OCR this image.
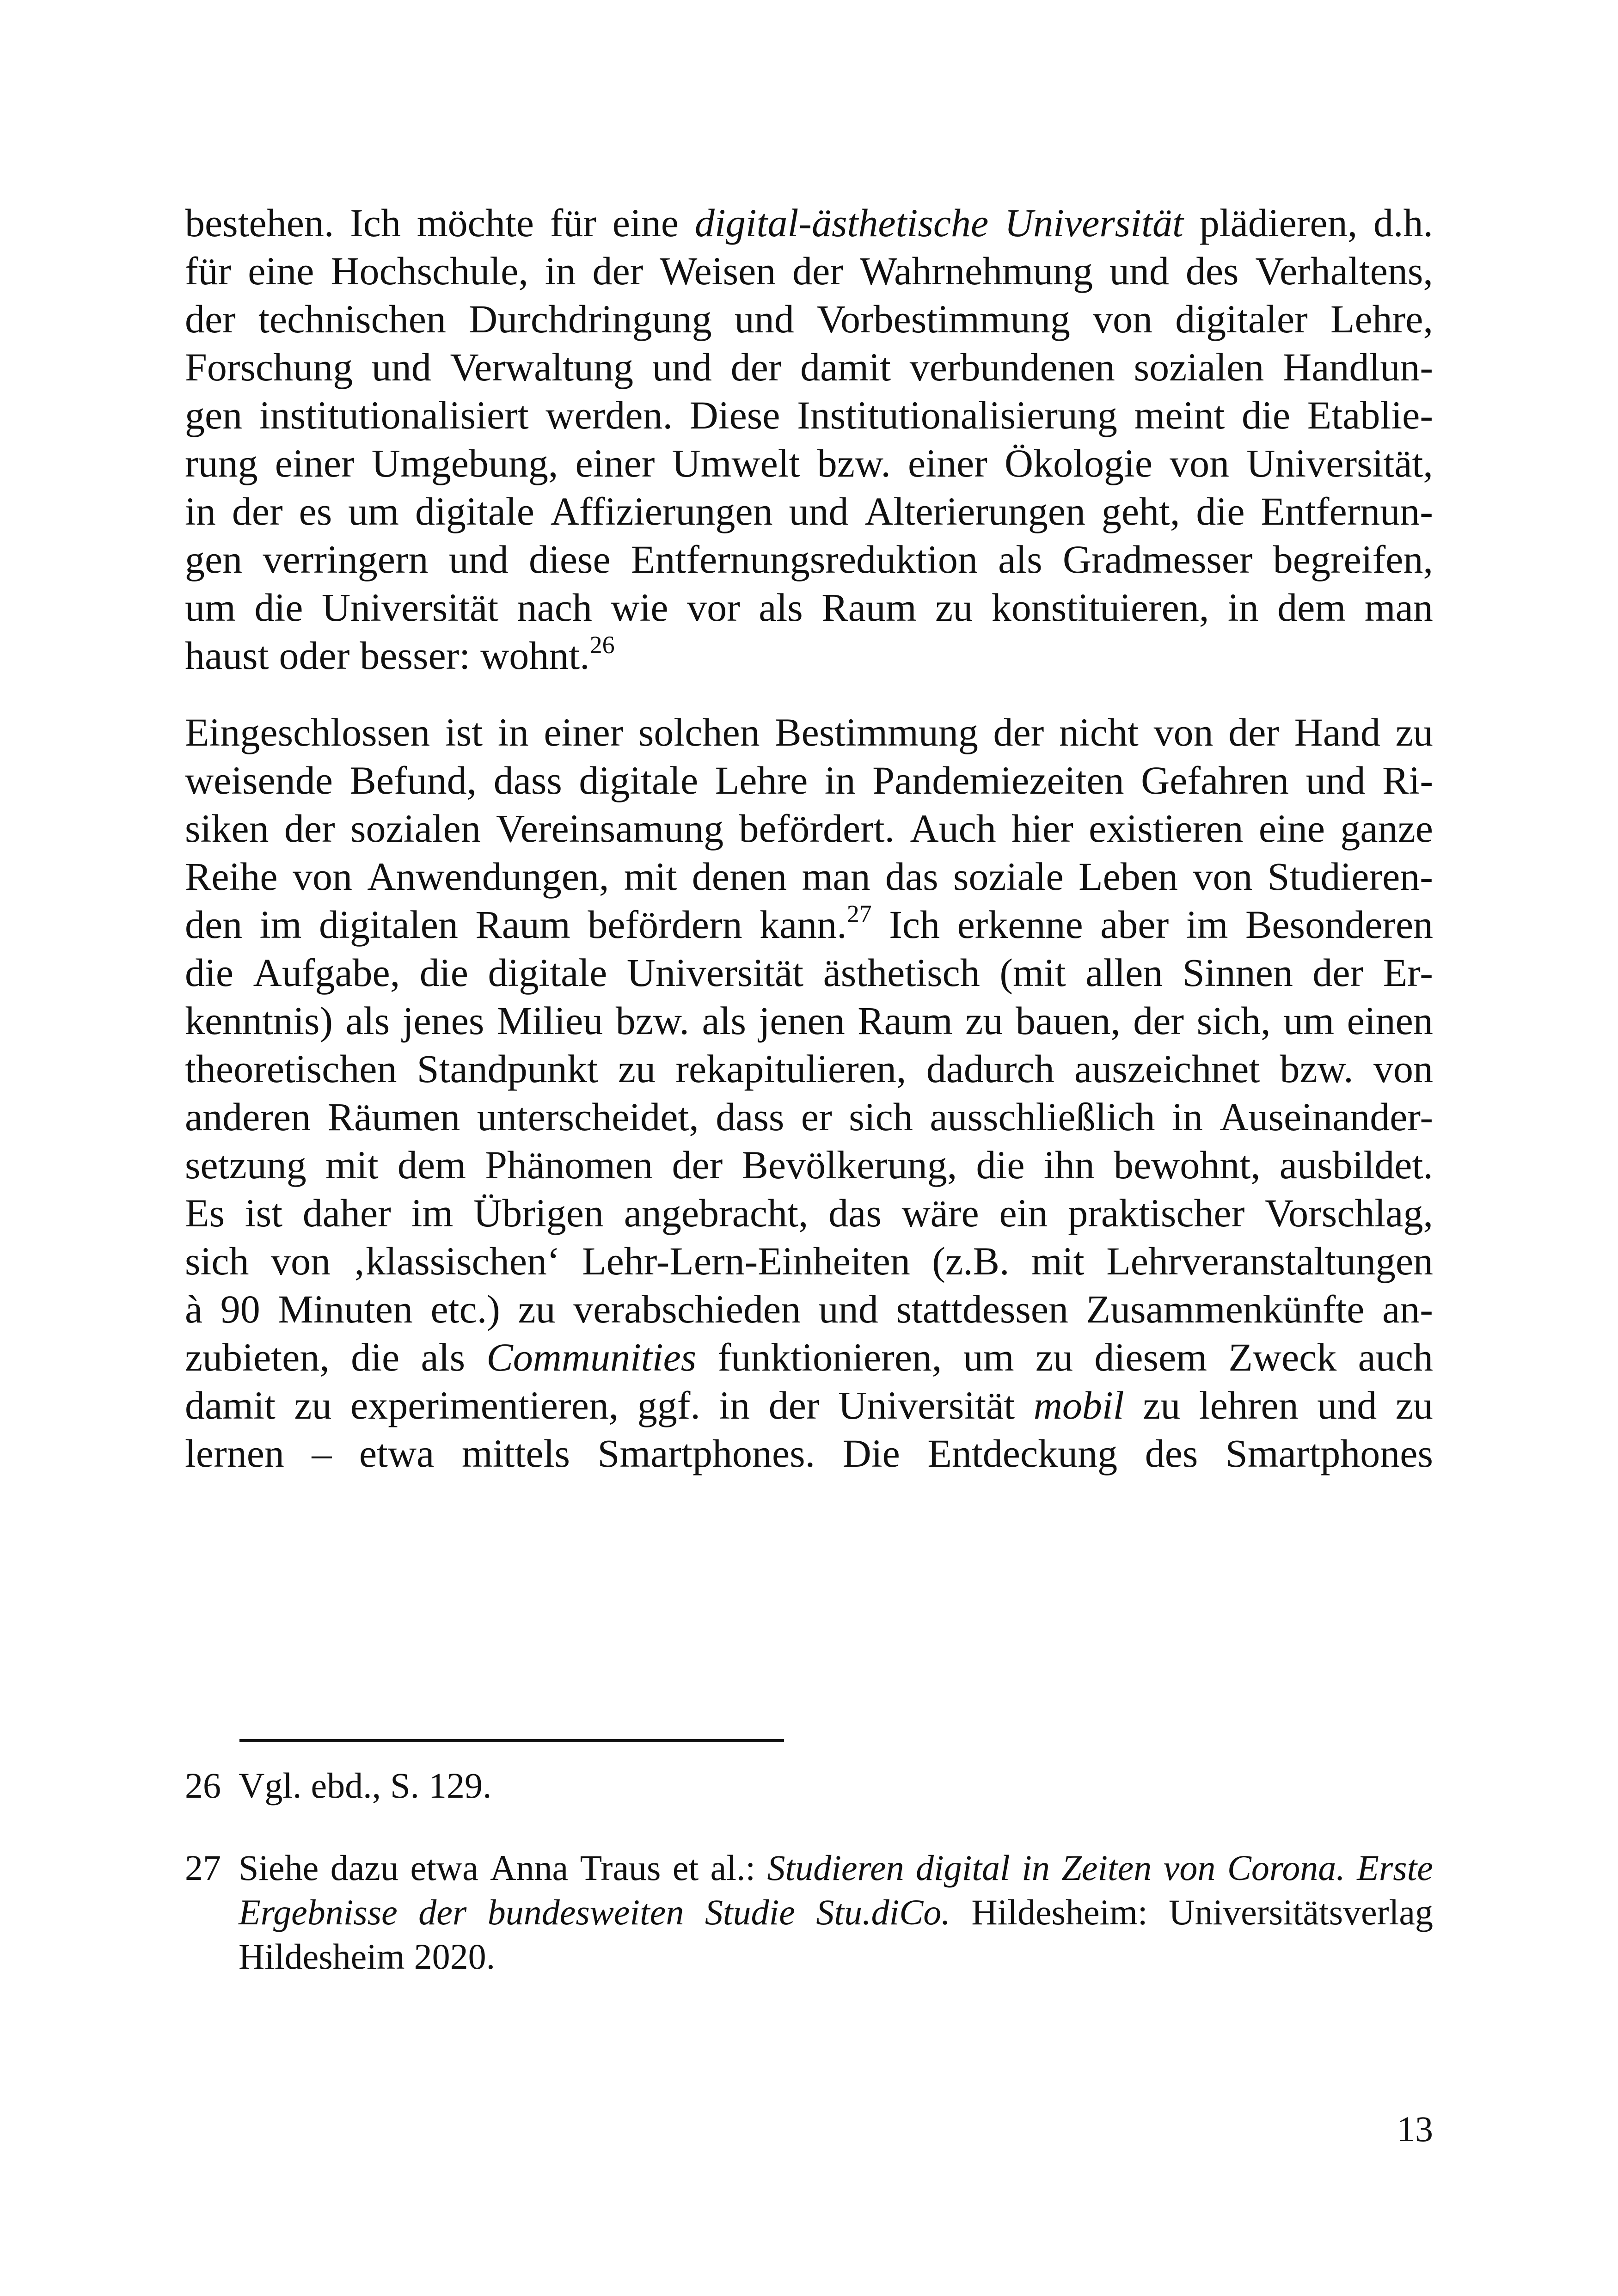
bestehen. Ich möchte für eine digital-ästhetische Universität plädieren, d.h.
für eine Hochschule, in der Weisen der Wahrnehmung und des Verhaltens,
der technischen Durchdringung und Vorbestimmung von digitaler Lehre,
Forschung und Verwaltung und der damit verbundenen sozialen Handlun-
gen institutionalisiert werden. Diese Institutionalisierung meint die Etablie-
rung einer Umgebung, einer Umwelt bzw. einer Ökologie von Universität,
in der es um digitale Affizierungen und Alterierungen geht, die Entfernun-
gen verringern und diese Entfernungsreduktion als Gradmesser begreifen,
um die Universität nach wie vor als Raum zu konstituieren, in dem man
haust oder besser: wohnt.$^{26}$
Eingeschlossen ist in einer solchen Bestimmung der nicht von der Hand zu
weisende Befund, dass digitale Lehre in Pandemiezeiten Gefahren und Ri-
siken der sozialen Vereinsamung befördert. Auch hier existieren eine ganze
Reihe von Anwendungen, mit denen man das soziale Leben von Studieren-
den im digitalen Raum befördern kann.$^{27}$ Ich erkenne aber im Besonderen
die Aufgabe, die digitale Universität ästhetisch (mit allen Sinnen der Er-
kenntnis) als jenes Milieu bzw. als jenen Raum zu bauen, der sich, um einen
theoretischen Standpunkt zu rekapitulieren, dadurch auszeichnet bzw. von
anderen Räumen unterscheidet, dass er sich ausschließlich in Auseinander-
setzung mit dem Phänomen der Bevölkerung, die ihn bewohnt, ausbildet.
Es ist daher im Übrigen angebracht, das wäre ein praktischer Vorschlag,
sich von ‚klassischen‘ Lehr-Lern-Einheiten (z.B. mit Lehrveranstaltungen
à 90 Minuten etc.) zu verabschieden und stattdessen Zusammenkünfte an-
zubieten, die als Communities funktionieren, um zu diesem Zweck auch
damit zu experimentieren, ggf. in der Universität mobil zu lehren und zu
lernen – etwa mittels Smartphones. Die Entdeckung des Smartphones
26 Vgl. ebd., S. 129.
27 Siehe dazu etwa Anna Traus et al.: Studieren digital in Zeiten von Corona. Erste
Ergebnisse der bundesweiten Studie Stu.diCo. Hildesheim: Universitätsverlag
Hildesheim 2020.
13
